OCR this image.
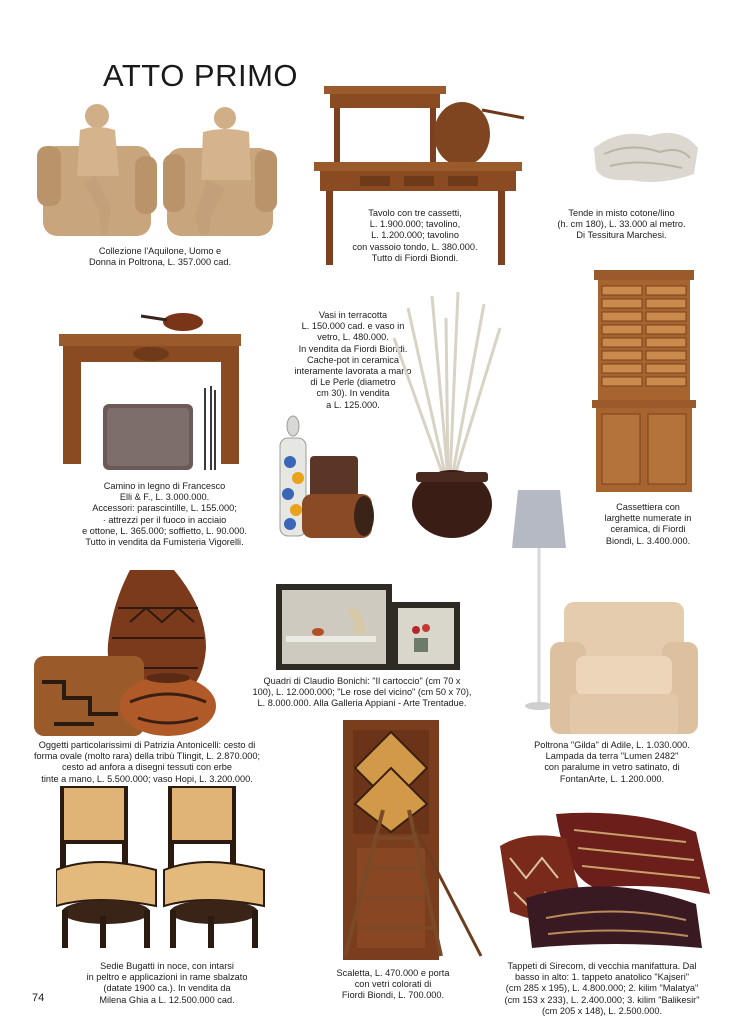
ATTO PRIMO
Collezione l'Aquilone, Uomo e
Donna in Poltrona, L. 357.000 cad.
Tavolo con tre cassetti,
L. 1.900.000; tavolino,
L. 1.200.000; tavolino
con vassoio tondo, L. 380.000.
Tutto di Fiordi Biondi.
Tende in misto cotone/lino
(h. cm 180), L. 33.000 al metro.
Di Tessitura Marchesi.
Camino in legno di Francesco
Elli & F., L. 3.000.000.
Accessori: parascintille, L. 155.000;
· attrezzi per il fuoco in acciaio
e ottone, L. 365.000; soffietto, L. 90.000.
Tutto in vendita da Fumisteria Vigorelli.
Vasi in terracotta
L. 150.000 cad. e vaso in
vetro, L. 480.000.
In vendita da Fiordi Biondi.
Cache-pot in ceramica
interamente lavorata a mano
di Le Perle (diametro
cm 30). In vendita
a L. 125.000.
Cassettiera con
larghette numerate in
ceramica, di Fiordi
Biondi, L. 3.400.000.
Poltrona "Gilda" di Adile, L. 1.030.000.
Lampada da terra "Lumen 2482"
con paralume in vetro satinato, di
FontanArte, L. 1.200.000.
Quadri di Claudio Bonichi: "Il cartoccio" (cm 70 x
100), L. 12.000.000; "Le rose del vicino" (cm 50 x 70),
L. 8.000.000. Alla Galleria Appiani - Arte Trentadue.
Oggetti particolarissimi di Patrizia Antonicelli: cesto di
forma ovale (molto rara) della tribù Tlingit, L. 2.870.000;
cesto ad anfora a disegni tessuti con erbe
tinte a mano, L. 5.500.000; vaso Hopi, L. 3.200.000.
Scaletta, L. 470.000 e porta
con vetri colorati di
Fiordi Biondi, L. 700.000.
Sedie Bugatti in noce, con intarsi
in peltro e applicazioni in rame sbalzato
(datate 1900 ca.). In vendita da
Milena Ghia a L. 12.500.000 cad.
Tappeti di Sirecom, di vecchia manifattura. Dal
basso in alto: 1. tappeto anatolico "Kajseri"
(cm 285 x 195), L. 4.800.000; 2. kilim "Malatya"
(cm 153 x 233), L. 2.400.000; 3. kilim "Balikesir"
(cm 205 x 148), L. 2.500.000.
74
